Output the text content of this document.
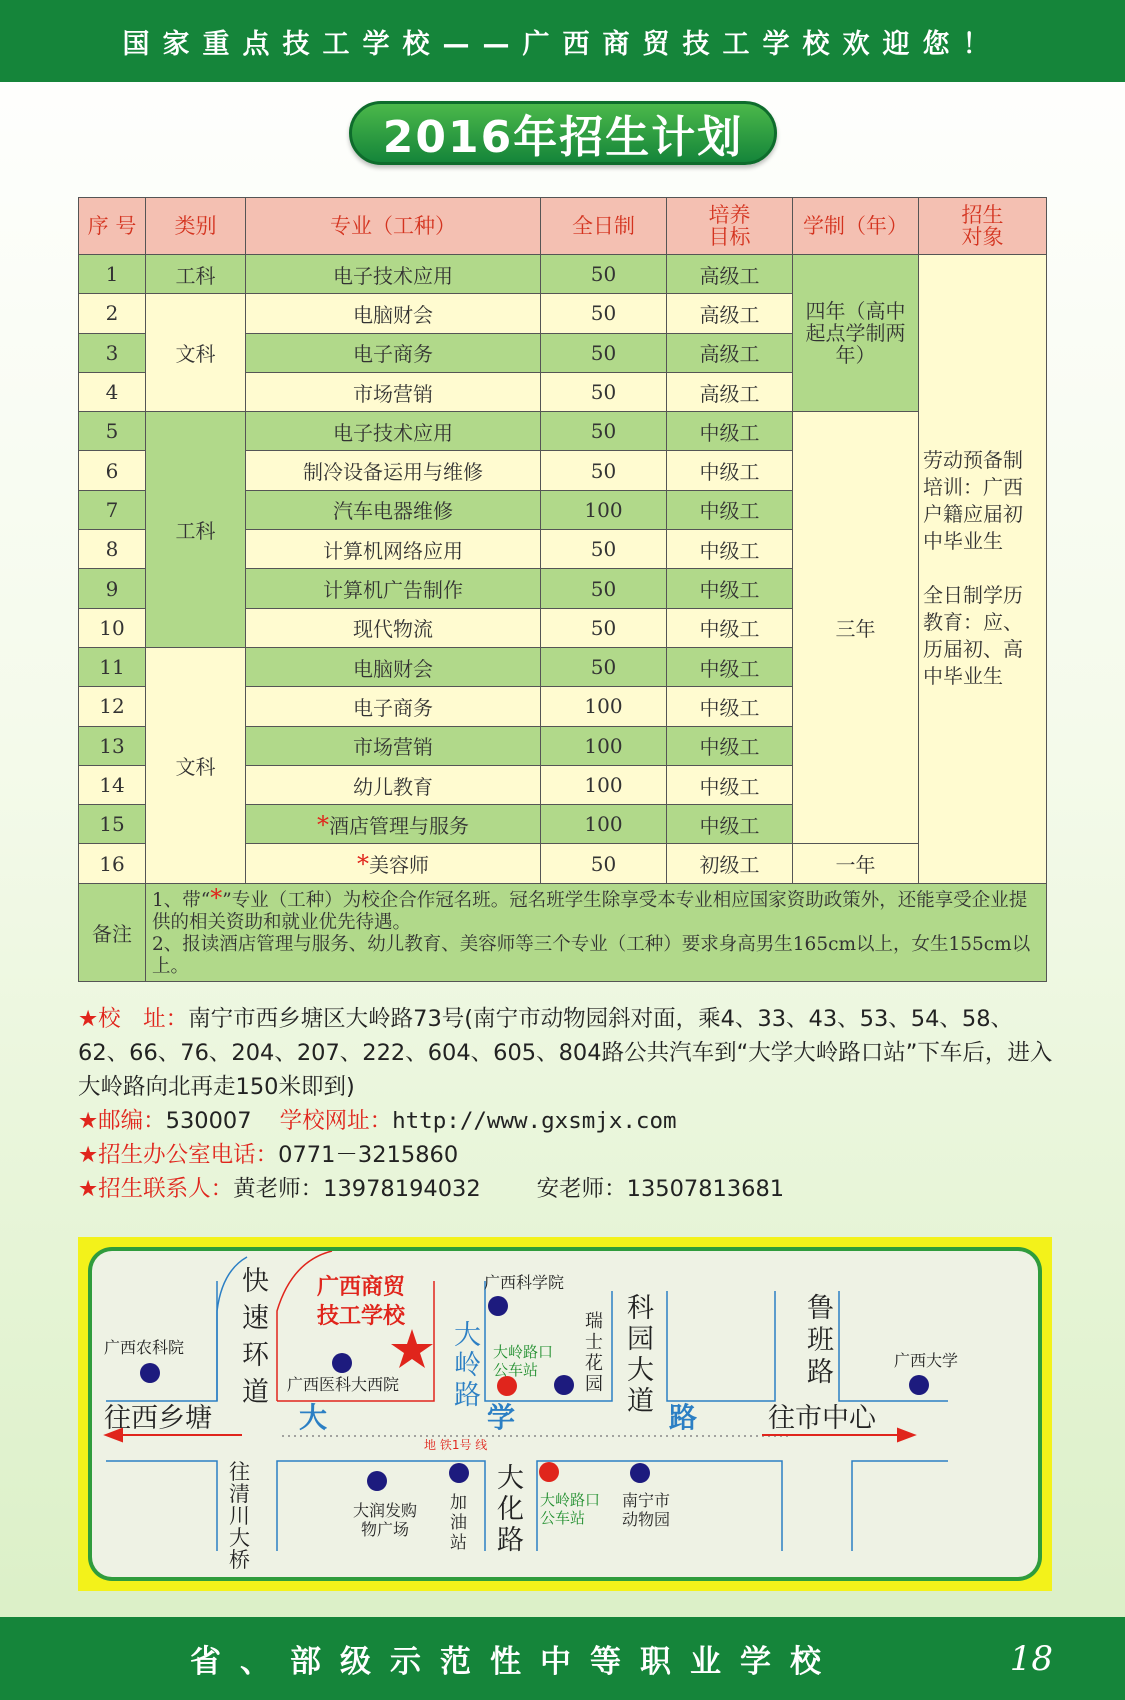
国家重点技工学校——广西商贸技工学校欢迎您！
2016年招生计划
序 号	类别	专业（工种）	全日制	培养目标	学制（年）	招生对象
1	工科	电子技术应用	50	高级工	四年（高中起点学制两年）	劳动预备制培训：广西户籍应届初中毕业生

全日制学历教育：应、历届初、高中毕业生
2	文科	电脑财会	50	高级工		
3		电子商务	50	高级工		
4		市场营销	50	高级工		
5	工科	电子技术应用	50	中级工	三年	
6		制冷设备运用与维修	50	中级工		
7		汽车电器维修	100	中级工		
8		计算机网络应用	50	中级工		
9		计算机广告制作	50	中级工		
10		现代物流	50	中级工		
11	文科	电脑财会	50	中级工		
12		电子商务	100	中级工		
13		市场营销	100	中级工		
14		幼儿教育	100	中级工		
15		*酒店管理与服务	100	中级工		
16		*美容师	50	初级工	一年	
备注	1、带“*”专业（工种）为校企合作冠名班。冠名班学生除享受本专业相应国家资助政策外，还能享受企业提供的相关资助和就业优先待遇。
2、报读酒店管理与服务、幼儿教育、美容师等三个专业（工种）要求身高男生165cm以上，女生155cm以上。					
★校　址：南宁市西乡塘区大岭路73号(南宁市动物园斜对面，乘4、33、43、53、54、58、62、66、76、204、207、222、604、605、804路公共汽车到“大学大岭路口站”下车后，进入大岭路向北再走150米即到)
★邮编：530007 学校网址：http://www.gxsmjx.com
★招生办公室电话：0771－3215860
★招生联系人：黄老师：13978194032 安老师：13507813681
广西商贸
技工学校
广西农科院
广西医科大西院
广西科学院
广西大学
往西乡塘	往市中心
大	学	路
地 铁1号 线
快速环道
大岭路
大岭路口公车站
瑞士花园
科园大道
鲁班路
往清川大桥
大润发购物广场
加油站
大化路
大岭路口公车站
南宁市动物园
省、部级示范性中等职业学校	18
